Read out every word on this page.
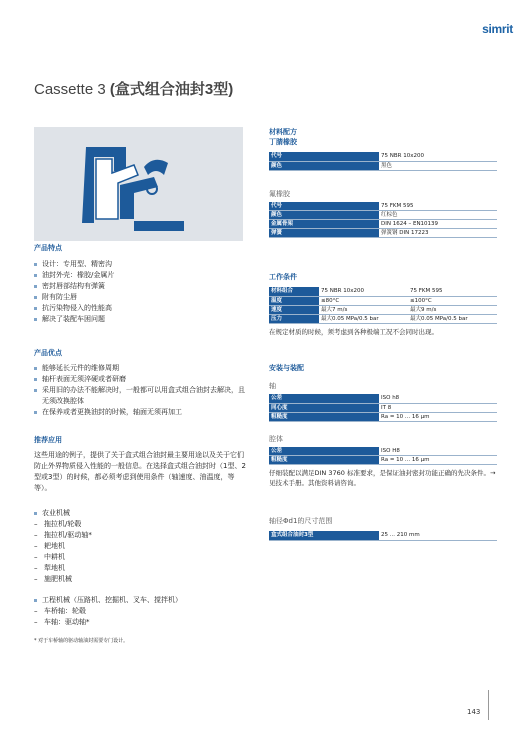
simrit
Cassette 3 (盒式组合油封3型)
产品特点
设计：专用型、精密沟
油封外壳：橡胶/金属片
密封唇部结构有弹簧
附有防尘唇
抗污染物侵入的性能高
解决了装配车困问题
产品优点
能够延长元件的维修周期
轴杆表面无须淬硬或者研磨
采用旧的办法不能解决时，一般都可以用盒式组合油封去解决，且无须改换腔体
在保养或者更换油封的时候，轴面无须再加工
推荐应用
这些用途的例子，提供了关于盒式组合油封最主要用途以及关于它们防止外界物质侵入性能的一般信息。在选择盒式组合油封时（1型、2型或3型）的时候，都必须考虑到使用条件（轴速度、油温度，等等）。
农业机械
– 拖拉机/轮毂
– 拖拉机/驱动轴*
– 耙地机
– 中耕机
– 犁地机
– 施肥机械
工程机械（压路机、挖掘机、叉车、搅拌机）
– 车桥轴：轮毂
– 车轴：驱动轴*
* 对于车桥轴的驱动轴油封需要专门设计。
材料配方
丁腈橡胶
代号	75 NBR 10x200
颜色	黑色
氟橡胶
代号	75 FKM 595
颜色	红棕色
金属骨架	DIN 1624 – EN10139
弹簧	弹簧钢 DIN 17223
工作条件
材料组合	75 NBR 10x200	75 FKM 595
温度	≤80°C	≤100°C
速度	最大7 m/s	最大9 m/s
压力	最大0.05 MPa/0.5 bar	最大0.05 MPa/0.5 bar
在规定材质的时候，须考虑到各种极端工况不会同时出现。
安装与装配
轴
公差	ISO h8
同心度	IT 8
粗糙度	Ra = 10 ... 16 μm
腔体
公差	ISO H8
粗糙度	Ra = 10 ... 16 μm
仔细装配以满足DIN 3760 标准要求，是保证油封密封功能正确的先决条件。→见技术手册。其他资料请咨询。
轴径Φd1的尺寸范围
盒式组合油封3型	25 ... 210 mm
143
